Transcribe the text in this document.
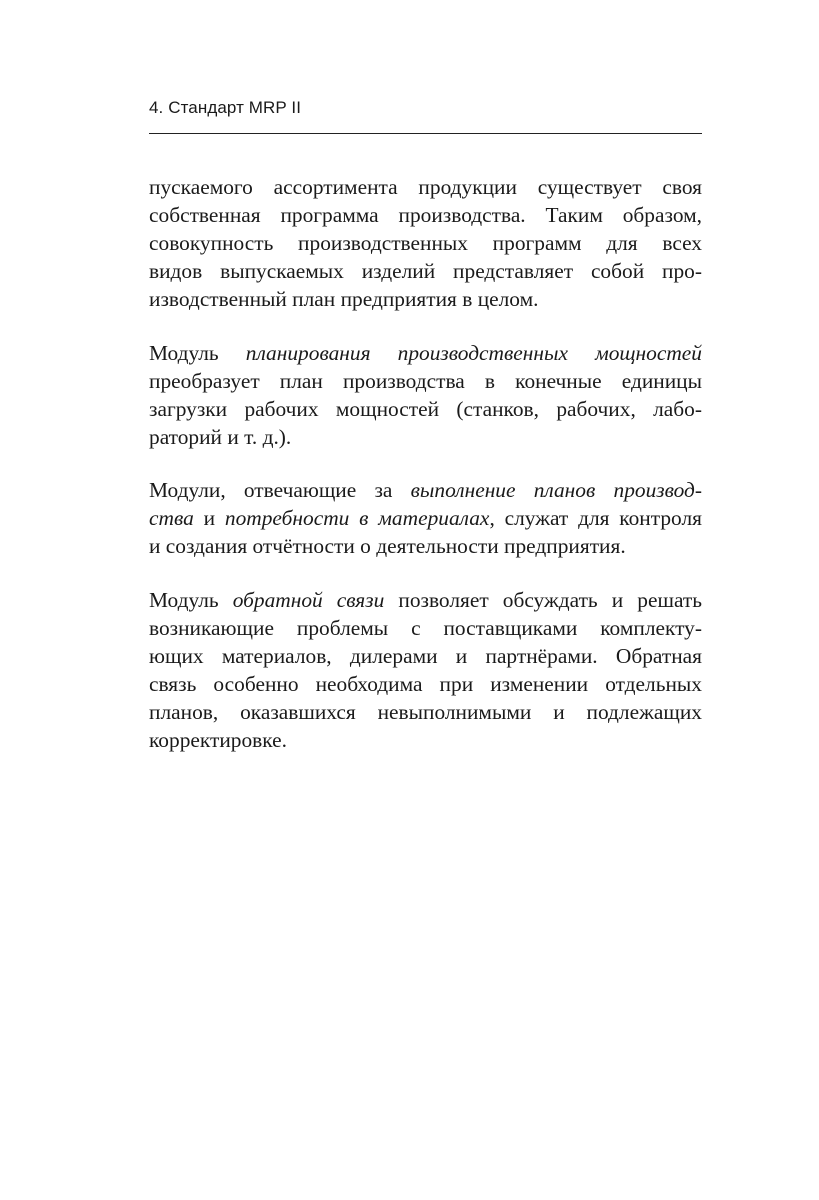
4. Стандарт MRP II
пускаемого ассортимента продукции существует своя
собственная программа производства. Таким образом,
совокупность производственных программ для всех
видов выпускаемых изделий представляет собой про-
изводственный план предприятия в целом.
Модуль планирования производственных мощностей
преобразует план производства в конечные единицы
загрузки рабочих мощностей (станков, рабочих, лабо-
раторий и т. д.).
Модули, отвечающие за выполнение планов производ-
ства и потребности в материалах, служат для контроля
и создания отчётности о деятельности предприятия.
Модуль обратной связи позволяет обсуждать и решать
возникающие проблемы с поставщиками комплекту-
ющих материалов, дилерами и партнёрами. Обратная
связь особенно необходима при изменении отдельных
планов, оказавшихся невыполнимыми и подлежащих
корректировке.
